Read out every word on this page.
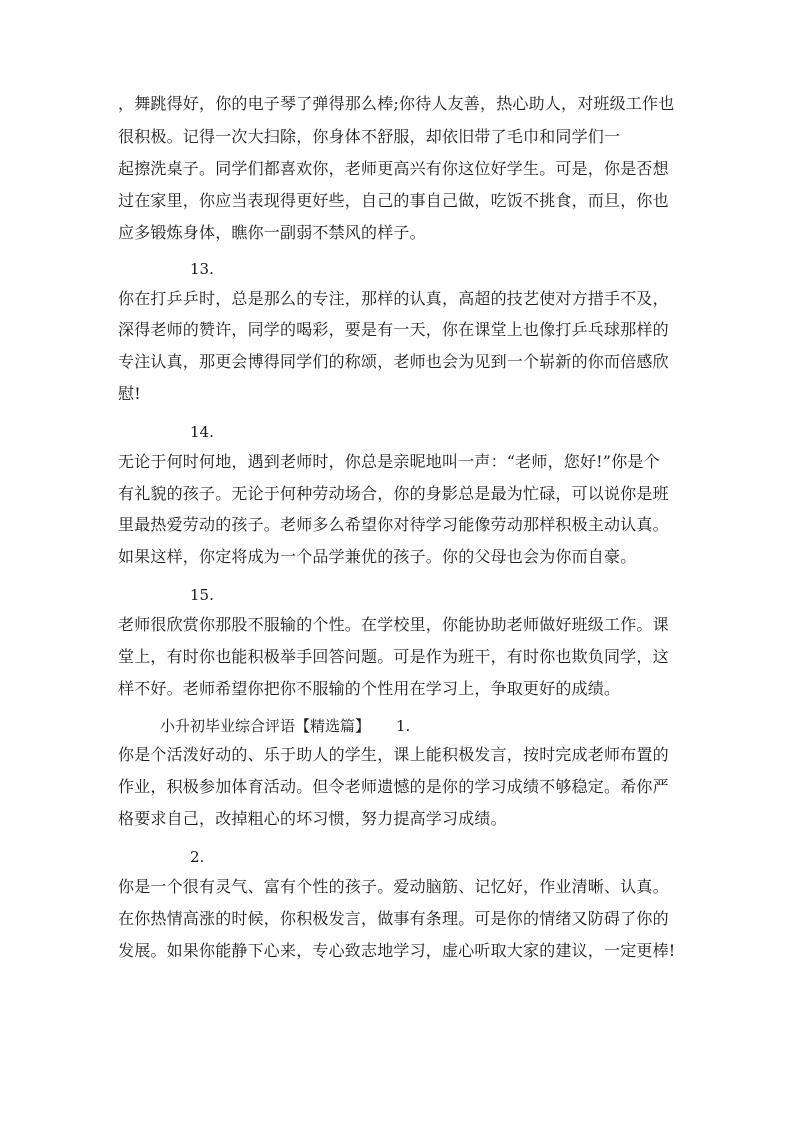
，舞跳得好，你的电子琴了弹得那么棒;你待人友善，热心助人，对班级工作也
很积极。记得一次大扫除，你身体不舒服，却依旧带了毛巾和同学们一
起擦洗桌子。同学们都喜欢你，老师更高兴有你这位好学生。可是，你是否想
过在家里，你应当表现得更好些，自己的事自己做，吃饭不挑食，而旦，你也
应多锻炼身体，瞧你一副弱不禁风的样子。
13.
你在打乒乒时，总是那么的专注，那样的认真，高超的技艺使对方措手不及，
深得老师的赞许，同学的喝彩，要是有一天，你在课堂上也像打乒乓球那样的
专注认真，那更会博得同学们的称颂，老师也会为见到一个崭新的你而倍感欣
慰!
14.
无论于何时何地，遇到老师时，你总是亲昵地叫一声：“老师，您好!”你是个
有礼貌的孩子。无论于何种劳动场合，你的身影总是最为忙碌，可以说你是班
里最热爱劳动的孩子。老师多么希望你对待学习能像劳动那样积极主动认真。
如果这样，你定将成为一个品学兼优的孩子。你的父母也会为你而自豪。
15.
老师很欣赏你那股不服输的个性。在学校里，你能协助老师做好班级工作。课
堂上，有时你也能积极举手回答问题。可是作为班干，有时你也欺负同学，这
样不好。老师希望你把你不服输的个性用在学习上，争取更好的成绩。
小升初毕业综合评语【精选篇】 1.
你是个活泼好动的、乐于助人的学生，课上能积极发言，按时完成老师布置的
作业，积极参加体育活动。但令老师遗憾的是你的学习成绩不够稳定。希你严
格要求自己，改掉粗心的坏习惯，努力提高学习成绩。
2.
你是一个很有灵气、富有个性的孩子。爱动脑筋、记忆好，作业清晰、认真。
在你热情高涨的时候，你积极发言，做事有条理。可是你的情绪又防碍了你的
发展。如果你能静下心来，专心致志地学习，虚心听取大家的建议，一定更棒!
